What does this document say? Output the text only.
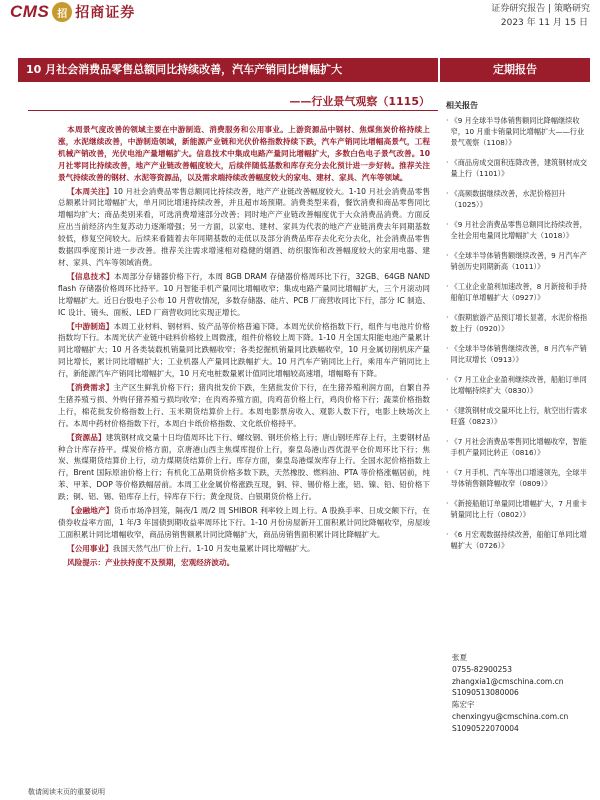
CMS 招 招商证券	证券研究报告 | 策略研究
2023 年 11 月 15 日
10 月社会消费品零售总额同比持续改善，汽车产销同比增幅扩大	定期报告
——行业景气观察（1115）

本周景气度改善的领域主要在中游制造、消费服务和公用事业。上游资源品中钢材、焦煤焦炭价格持续上涨，水泥继续改善，中游制造领域，新能源产业链和光伏价格指数持续下跌，汽车产销同比增幅高景气，工程机械产销改善，光伏电池产量增幅扩大。信息技术中集成电路产量同比增幅扩大，多数白色电子景气改善。10 月社零同比持续改善，地产产业链改善幅度较大，后续伴随低基数和库存充分去化预计进一步好转。推荐关注景气持续改善的钢材、水泥等资源品，以及需求端持续改善幅度较大的家电、建材、家具、汽车等领域。

【本周关注】10 月社会消费品零售总额同比持续改善，地产产业链改善幅度较大。1-10 月社会消费品零售总额累计同比增幅扩大，单月同比增速持续改善，并且超市场预期。消费类型来看，餐饮消费和商品零售同比增幅均扩大；商品类别来看，可选消费增速部分改善；同时地产产业链改善幅度优于大众消费品消费。方面反应出当前经济内生复苏动力逐渐增强；另一方面，以家电、建材、家具为代表的地产产业链消费去年同期基数较低，修复空间较大。后续来看随着去年同期基数的走低以及部分消费品库存去化充分去化，社会消费品零售数据四季度预计进一步改善。推荐关注需求增速相对稳健的烟酒、纺织服饰和改善幅度较大的家用电器、建材、家具、汽车等领域消费。

【信息技术】本周部分存储器价格下行，本周 8GB DRAM 存储器价格周环比下行，32GB、64GB NAND flash 存储器价格周环比持平。10 月智能手机产量同比增幅收窄；集成电路产量同比增幅扩大，三个月滚动同比增幅扩大。近日台股电子公布 10 月营收情况，多数存储器、硅片、PCB 厂商营收同比下行，部分 IC 制造、IC 设计、镜头、面板、LED 厂商营收同比实现正增长。

【中游制造】本周工业材料、钢材料、钕产品等价格普遍下降。本周光伏价格指数下行，组件与电池片价格指数均下行。本周光伏产业链中硅料价格较上周微涨，组件价格较上周下降。1-10 月全国太阳能电池产量累计同比增幅扩大；10 月各类装载机销量同比跌幅收窄；各类挖掘机销量同比跌幅收窄，10 月金属切削机床产量同比增长，累计同比增幅扩大；工业机器人产量同比跌幅扩大。10 月汽车产销同比上行，乘用车产销同比上行，新能源汽车产销同比增幅扩大，10 月充电桩数量累计值同比增幅较高速增，增幅略有下降。

【消费需求】主产区生鲜乳价格下行；猪肉批发价下跌，生猪批发价下行，在生猪养殖利润方面，自繁自养生猪养殖亏损、外购仔猪养殖亏损均收窄；在肉鸡养殖方面，肉鸡苗价格上行，鸡肉价格下行；蔬菜价格指数上行，棉花批发价格指数上行、玉米期货结算价上行。本周电影票房收入、观影人数下行，电影上映场次上行。本周中药材价格指数下行，本周白卡纸价格指数、文化纸价格持平。

【资源品】建筑钢材成交量十日均值周环比下行、螺纹钢、钢坯价格上行；唐山钢坯库存上行，主要钢材品种合计库存持平。煤炭价格方面，京唐港山西主焦煤库提价上行，秦皇岛港山西优混平仓价周环比下行；焦炭、焦煤期货结算价上行，动力煤期货结算价上行。库存方面，秦皇岛港煤炭库存上行。全国水泥价格指数上行，Brent 国际原油价格上行；有机化工品期货价格多数下跌，天然橡胶、燃料油、PTA 等价格涨幅居前，纯苯、甲苯、DOP 等价格跌幅居前。本周工业金属价格涨跌互现，铜、锌、锡价格上涨，铝、镍、铅、铅价格下跌；铜、铝、锡、铅库存上行，锌库存下行；黄金现货、白银期货价格上行。

【金融地产】货币市场净回笼，隔夜/1 周/2 周 SHIBOR 利率较上周上行。A 股换手率、日成交额下行，在债券收益率方面，1 年/3 年国债到期收益率周环比下行。1-10 月份房屋新开工面积累计同比降幅收窄，房屋竣工面积累计同比增幅收窄，商品房销售额累计同比降幅扩大，商品房销售面积累计同比降幅扩大。

【公用事业】我国天然气出厂价上行。1-10 月发电量累计同比增幅扩大。

风险提示：产业扶持度不及预期，宏观经济波动。

相关报告
· 《9 月全球半导体销售额同比降幅继续收窄，10 月重卡销量同比增幅扩大——行业景气观察（1108）》
· 《商品房成交面积连降改善，建筑钢材成交量上行（1101）》
· 《高频数据继续改善，水泥价格回升（1025）》
· 《9 月社会消费品零售总额同比持续改善，全社会用电量同比增幅扩大（1018）》
· 《全球半导体销售额继续改善，9 月汽车产销创历史同期新高（1011）》
· 《工业企业盈利加速改善，8 月新接和手持船舶订单增幅扩大（0927）》
· 《假期旅游产品预订增长显著，水泥价格指数上行（0920）》
· 《全球半导体销售继续改善，8 月汽车产销同比双增长（0913）》
· 《7 月工业企业盈利继续改善，船舶订单同比增幅持续扩大（0830）》
· 《建筑钢材成交量环比上行，航空出行需求旺盛（0823）》
· 《7 月社会消费品零售同比增幅收窄，智能手机产量同比转正（0816）》
· 《7 月手机、汽车等出口增速领先，全球半导体销售额降幅收窄（0809）》
· 《新接船舶订单量同比增幅扩大，7 月重卡销量同比上行（0802）》
· 《6 月宏观数据持续改善，船舶订单同比增幅扩大（0726）》
张夏
0755-82900253
zhangxia1@cmschina.com.cn
S1090513080006
陈宏宇
chenxingyu@cmschina.com.cn
S1090522070004
敬请阅读末页的重要说明
